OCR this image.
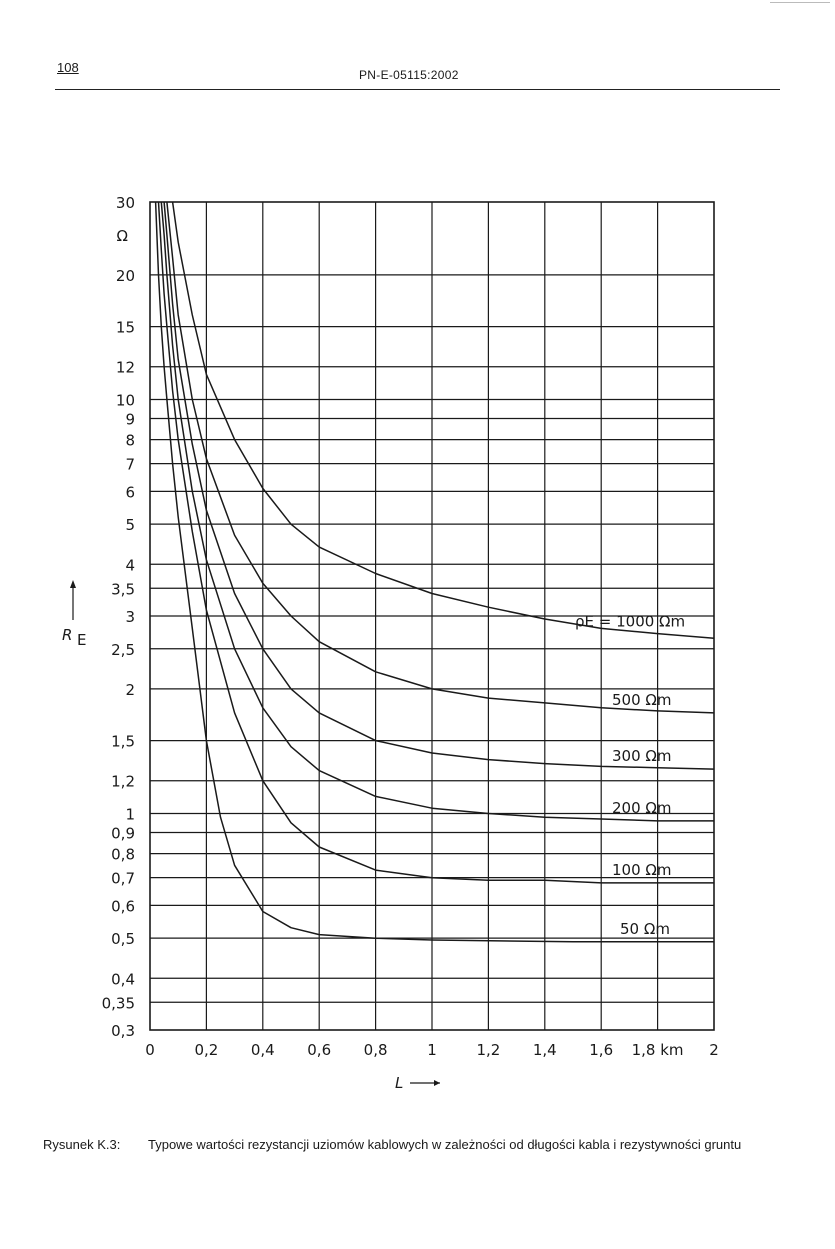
108	PN-E-05115:2002
0	0,2 0,4 0,6 0,8	1	1,2 1,4 1,6 1,8 km 2
0,3
0,35
0,4
0,5
0,6
0,7
0,8
0,9
1
1,2
1,5
2
2,5
3
3,5
4
5
6
7
8
9
10
12
15
20
30
Ω
ρE = 1000 Ωm
500 Ωm
300 Ωm
200 Ωm
100 Ωm
50 Ωm
L
R E
Rysunek K.3: Typowe wartości rezystancji uziomów kablowych w zależności od długości kabla i rezystywności gruntu
